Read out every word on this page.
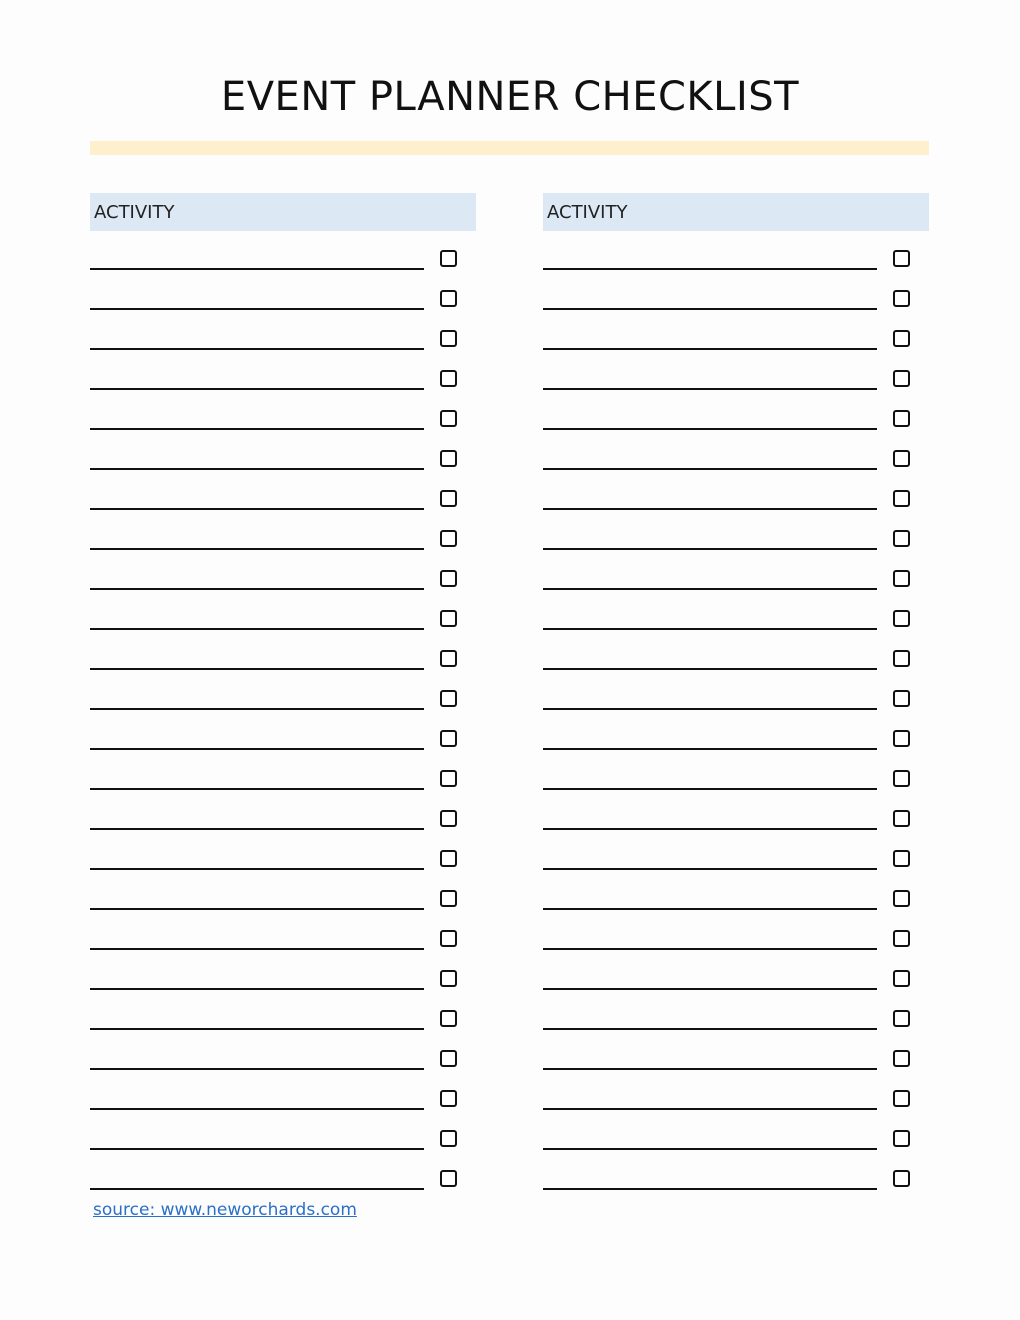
EVENT PLANNER CHECKLIST
ACTIVITY	ACTIVITY
source: www.neworchards.com
